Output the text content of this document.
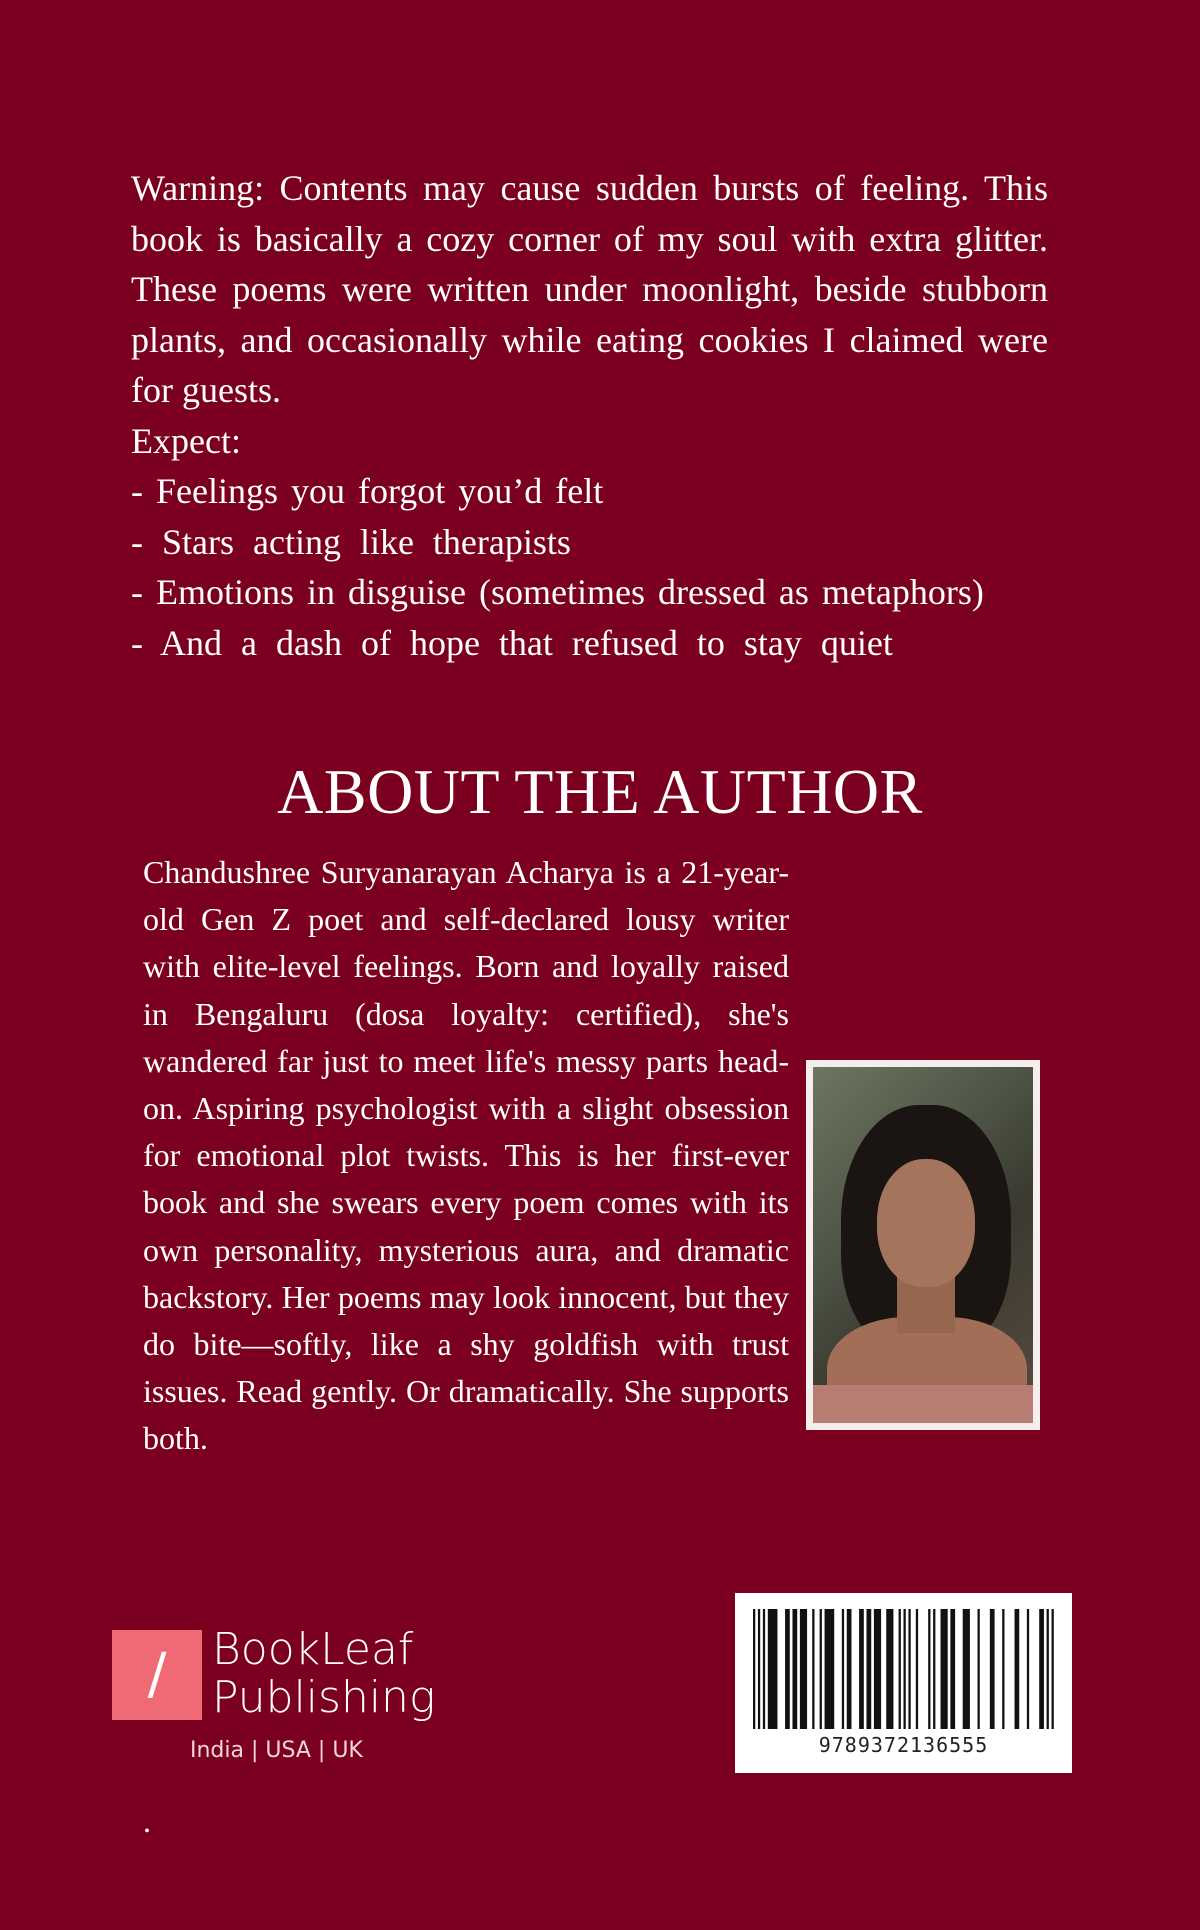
Warning: Contents may cause sudden bursts of feeling. This book is basically a cozy corner of my soul with extra glitter. These poems were written under moonlight, beside stubborn plants, and occasionally while eating cookies I claimed were for guests.
Expect:
- Feelings you forgot you’d felt
- Stars acting like therapists
- Emotions in disguise (sometimes dressed as metaphors)
- And a dash of hope that refused to stay quiet
ABOUT THE AUTHOR

Chandushree Suryanarayan Acharya is a 21-year-old Gen Z poet and self-declared lousy writer with elite-level feelings. Born and loyally raised in Bengaluru (dosa loyalty: certified), she's wandered far just to meet life's messy parts head-on. Aspiring psychologist with a slight obsession for emotional plot twists. This is her first-ever book and she swears every poem comes with its own personality, mysterious aura, and dramatic backstory. Her poems may look innocent, but they do bite—softly, like a shy goldfish with trust issues. Read gently. Or dramatically. She supports both.

/	BookLeaf
Publishing
India | USA | UK	9789372136555
.
